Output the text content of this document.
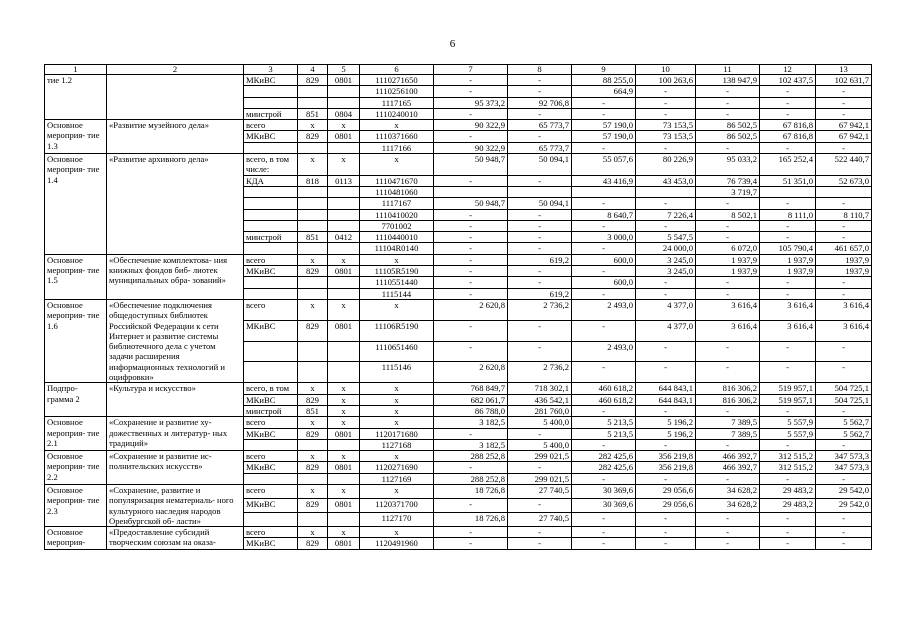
6
1	2	3	4	5	6	7	8	9	10	11	12	13
тие 1.2		МКиВС	829	0801	1110271650	-	-	88 255,0	100 263,6	138 947,9	102 437,5	102 631,7
					1110256100	-	-	664,9	-	-	-	-
					1117165	95 373,2	92 706,8	-	-	-	-	-
		минстрой	851	0804	1110240010	-	-	-	-	-	-	-
Основное мероприя- тие 1.3	«Развитие музейного дела»	всего	х	х	х	90 322,9	65 773,7	57 190,0	73 153,5	86 502,5	67 816,8	67 942,1
		МКиВС	829	0801	1110371660	-	-	57 190,0	73 153,5	86 502,5	67 816,8	67 942,1
					1117166	90 322,9	65 773,7	-	-	-	-	-
Основное мероприя- тие 1.4	«Развитие архивного дела»	всего, в том числе:	х	х	х	50 948,7	50 094,1	55 057,6	80 226,9	95 033,2	165 252,4	522 440,7
		КДА	818	0113	1110471670	-	-	43 416,9	43 453,0	76 739,4	51 351,0	52 673,0
					1110481060					3 719,7		
					1117167	50 948,7	50 094,1	-	-	-	-	-
					1110410020	-	-	8 640,7	7 226,4	8 502,1	8 111,0	8 110,7
					7701002	-	-	-	-	-	-	-
		минстрой	851	0412	1110440010	-	-	3 000,0	5 547,5	-	-	-
					11104R0140	-	-	-	24 000,0	6 072,0	105 790,4	461 657,0
Основное мероприя- тие 1.5	«Обеспечение комплектова- ния книжных фондов биб- лиотек муниципальных обра- зований»	всего	х	х	х	-	619,2	600,0	3 245,0	1 937,9	1 937,9	1937,9
		МКиВС	829	0801	11105R5190	-	-	-	3 245,0	1 937,9	1 937,9	1937,9
					1110551440	-	-	600,0	-	-	-	-
					1115144	-	619,2	-	-	-	-	-
Основное мероприя- тие 1.6	«Обеспечение подключения общедоступных библиотек Российской Федерации к сети Интернет и развитие системы библиотечного дела с учетом задачи расширения информационных технологий и оцифровки»	всего	х	х	х	2 620,8	2 736,2	2 493,0	4 377,0	3 616,4	3 616,4	3 616,4
		МКиВС	829	0801	11106R5190	-	-	-	4 377,0	3 616,4	3 616,4	3 616,4
					1110651460	-	-	2 493,0	-	-	-	-
					1115146	2 620,8	2 736,2	-	-	-	-	-
Подпро- грамма 2	«Культура и искусство»	всего, в том	х	х	х	768 849,7	718 302,1	460 618,2	644 843,1	816 306,2	519 957,1	504 725,1
		МКиВС	829	х	х	682 061,7	436 542,1	460 618,2	644 843,1	816 306,2	519 957,1	504 725,1
		минстрой	851	х	х	86 788,0	281 760,0	-	-	-	-	-
Основное мероприя- тие 2.1	«Сохранение и развитие ху- дожественных и литератур- ных традиций»	всего	х	х	х	3 182,5	5 400,0	5 213,5	5 196,2	7 389,5	5 557,9	5 562,7
		МКиВС	829	0801	1120171680	-	-	5 213,5	5 196,2	7 389,5	5 557,9	5 562,7
					1127168	3 182,5	5 400,0	-	-	-	-	-
Основное мероприя- тие 2.2	«Сохранение и развитие ис- полнительских искусств»	всего	х	х	х	288 252,8	299 021,5	282 425,6	356 219,8	466 392,7	312 515,2	347 573,3
		МКиВС	829	0801	1120271690	-	-	282 425,6	356 219,8	466 392,7	312 515,2	347 573,3
					1127169	288 252,8	299 021,5	-	-	-	-	-
Основное мероприя- тие 2.3	«Сохранение, развитие и популяризация нематериаль- ного культурного наследия народов Оренбургской об- ласти»	всего	х	х	х	18 726,8	27 740,5	30 369,6	29 056,6	34 628,2	29 483,2	29 542,0
		МКиВС	829	0801	1120371700	-	-	30 369,6	29 056,6	34 628,2	29 483,2	29 542,0
					1127170	18 726,8	27 740,5	-	-	-	-	-
Основное мероприя-	«Предоставление субсидий творческим союзам на оказа-	всего	х	х	х	-	-	-	-	-	-	-
		МКиВС	829	0801	1120491960	-	-	-	-	-	-	-
